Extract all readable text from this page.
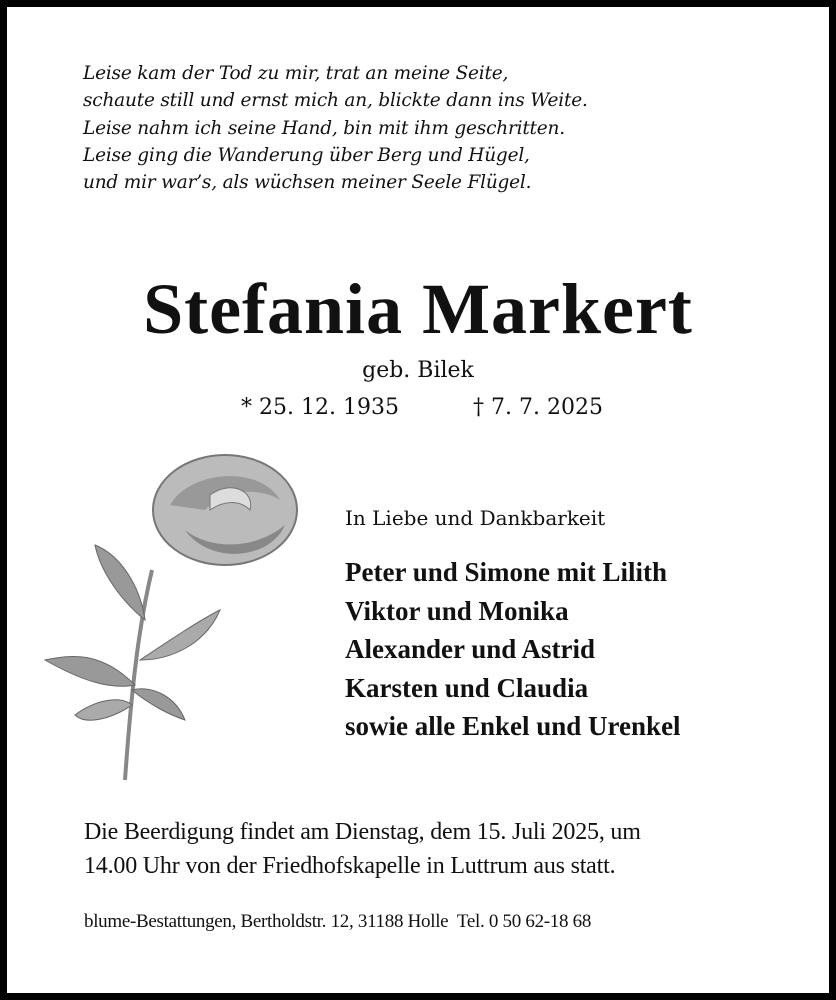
Leise kam der Tod zu mir, trat an meine Seite,
schaute still und ernst mich an, blickte dann ins Weite.
Leise nahm ich seine Hand, bin mit ihm geschritten.
Leise ging die Wanderung über Berg und Hügel,
und mir war’s, als wüchsen meiner Seele Flügel.
Stefania Markert
geb. Bilek
* 25. 12. 1935	† 7. 7. 2025
In Liebe und Dankbarkeit
Peter und Simone mit Lilith
Viktor und Monika
Alexander und Astrid
Karsten und Claudia
sowie alle Enkel und Urenkel
Die Beerdigung findet am Dienstag, dem 15. Juli 2025, um
14.00 Uhr von der Friedhofskapelle in Luttrum aus statt.
blume-Bestattungen, Bertholdstr. 12, 31188 Holle  Tel. 0 50 62-18 68
